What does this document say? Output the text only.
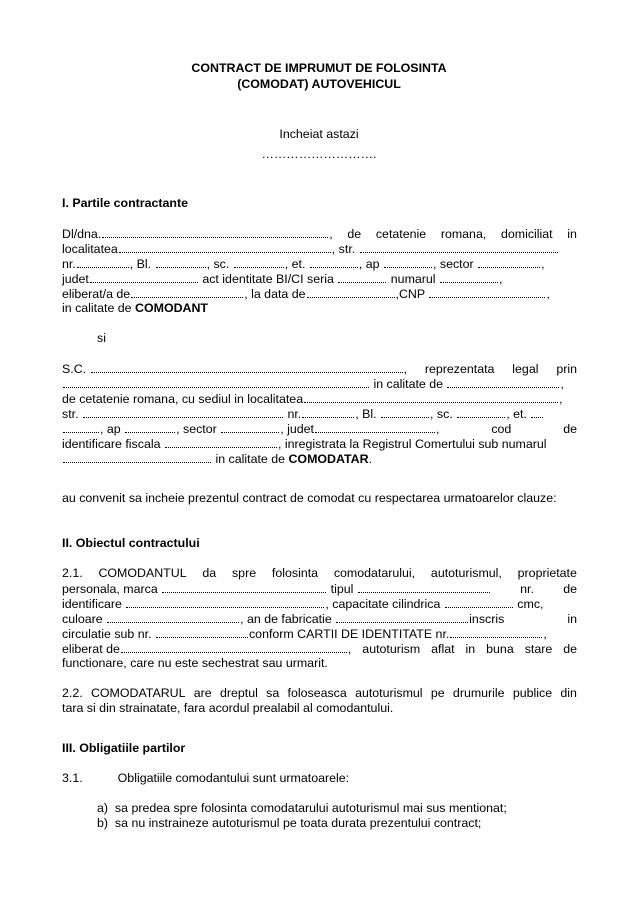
CONTRACT DE IMPRUMUT DE FOLOSINTA
(COMODAT) AUTOVEHICUL
Incheiat astazi
……………………….
I. Partile contractante
Dl/dna.	, de cetatenie romana, domiciliat in
localitatea	, str.
nr.	, Bl.	, sc.	, et.	, ap	, sector	,
judet	act identitate BI/CI seria	numarul	,
eliberat/a de	, la data de	,CNP	,
in calitate de COMODANT
si
S.C.	, reprezentata legal prin
in calitate de	,
de cetatenie romana, cu sediul in localitatea	,
str.	nr.	, Bl.	, sc.	, et.
, ap	, sector	, judet	,	cod	de
identificare fiscala	, inregistrata la Registrul Comertului sub numarul
in calitate de COMODATAR.
au convenit sa incheie prezentul contract de comodat cu respectarea urmatoarelor clauze:
II. Obiectul contractului
2.1. COMODANTUL da spre folosinta comodatarului, autoturismul, proprietate
personala, marca	tipul	nr. de
identificare	, capacitate cilindrica	cmc,
culoare	, an de fabricatie	inscris	in
circulatie sub nr.	conform CARTII DE IDENTITATE nr.	,
eliberat de	, autoturism aflat in buna stare de
functionare, care nu este sechestrat sau urmarit.
2.2. COMODATARUL are dreptul sa foloseasca autoturismul pe drumurile publice din
tara si din strainatate, fara acordul prealabil al comodantului.
III. Obligatiile partilor
3.1.	Obligatiile comodantului sunt urmatoarele:
a) sa predea spre folosinta comodatarului autoturismul mai sus mentionat;
b) sa nu instraineze autoturismul pe toata durata prezentului contract;
